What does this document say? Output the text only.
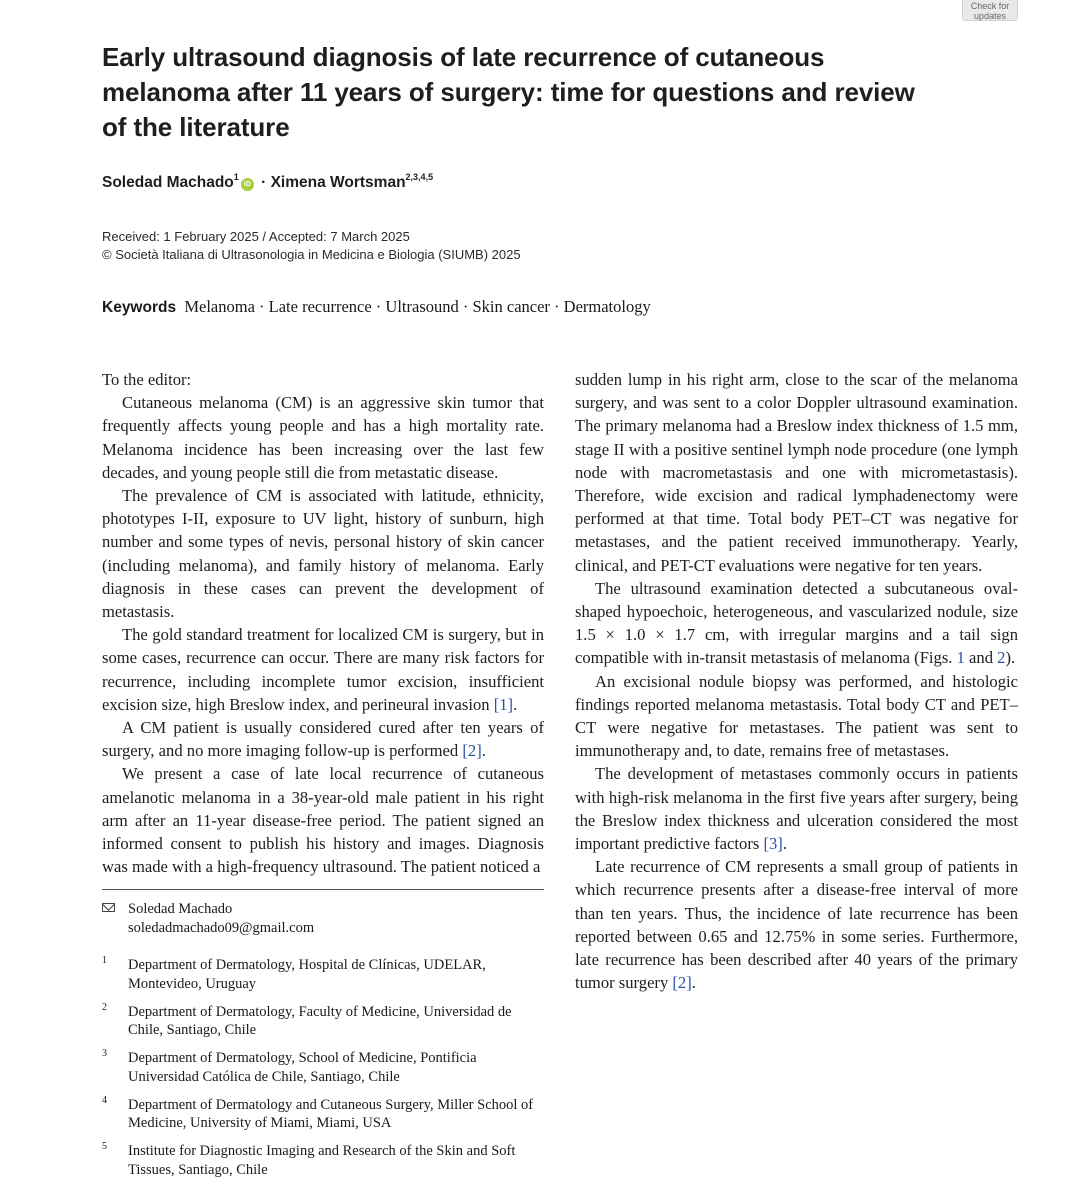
Check for
updates
Early ultrasound diagnosis of late recurrence of cutaneous melanoma after 11 years of surgery: time for questions and review of the literature
Soledad Machado$^1$iD · Ximena Wortsman$^{2,3,4,5}$
Received: 1 February 2025 / Accepted: 7 March 2025
© Società Italiana di Ultrasonologia in Medicina e Biologia (SIUMB) 2025
Keywords Melanoma · Late recurrence · Ultrasound · Skin cancer · Dermatology

To the editor:

Cutaneous melanoma (CM) is an aggressive skin tumor that frequently affects young people and has a high mortality rate. Melanoma incidence has been increasing over the last few decades, and young people still die from metastatic disease.

The prevalence of CM is associated with latitude, ethnicity, phototypes I-II, exposure to UV light, history of sunburn, high number and some types of nevis, personal history of skin cancer (including melanoma), and family history of melanoma. Early diagnosis in these cases can prevent the development of metastasis.

The gold standard treatment for localized CM is surgery, but in some cases, recurrence can occur. There are many risk factors for recurrence, including incomplete tumor excision, insufficient excision size, high Breslow index, and perineural invasion [1].

A CM patient is usually considered cured after ten years of surgery, and no more imaging follow-up is performed [2].

We present a case of late local recurrence of cutaneous amelanotic melanoma in a 38-year-old male patient in his right arm after an 11-year disease-free period. The patient signed an informed consent to publish his history and images. Diagnosis was made with a high-frequency ultrasound. The patient noticed a

Soledad Machado
soledadmachado09@gmail.com
1 Department of Dermatology, Hospital de Clínicas, UDELAR, Montevideo, Uruguay
2 Department of Dermatology, Faculty of Medicine, Universidad de Chile, Santiago, Chile
3 Department of Dermatology, School of Medicine, Pontificia Universidad Católica de Chile, Santiago, Chile
4 Department of Dermatology and Cutaneous Surgery, Miller School of Medicine, University of Miami, Miami, USA
5 Institute for Diagnostic Imaging and Research of the Skin and Soft Tissues, Santiago, Chile

sudden lump in his right arm, close to the scar of the melanoma surgery, and was sent to a color Doppler ultrasound examination. The primary melanoma had a Breslow index thickness of 1.5 mm, stage II with a positive sentinel lymph node procedure (one lymph node with macrometastasis and one with micrometastasis). Therefore, wide excision and radical lymphadenectomy were performed at that time. Total body PET–CT was negative for metastases, and the patient received immunotherapy. Yearly, clinical, and PET-CT evaluations were negative for ten years.

The ultrasound examination detected a subcutaneous oval-shaped hypoechoic, heterogeneous, and vascularized nodule, size 1.5 × 1.0 × 1.7 cm, with irregular margins and a tail sign compatible with in-transit metastasis of melanoma (Figs. 1 and 2).

An excisional nodule biopsy was performed, and histologic findings reported melanoma metastasis. Total body CT and PET–CT were negative for metastases. The patient was sent to immunotherapy and, to date, remains free of metastases.

The development of metastases commonly occurs in patients with high-risk melanoma in the first five years after surgery, being the Breslow index thickness and ulceration considered the most important predictive factors [3].

Late recurrence of CM represents a small group of patients in which recurrence presents after a disease-free interval of more than ten years. Thus, the incidence of late recurrence has been reported between 0.65 and 12.75% in some series. Furthermore, late recurrence has been described after 40 years of the primary tumor surgery [2].
